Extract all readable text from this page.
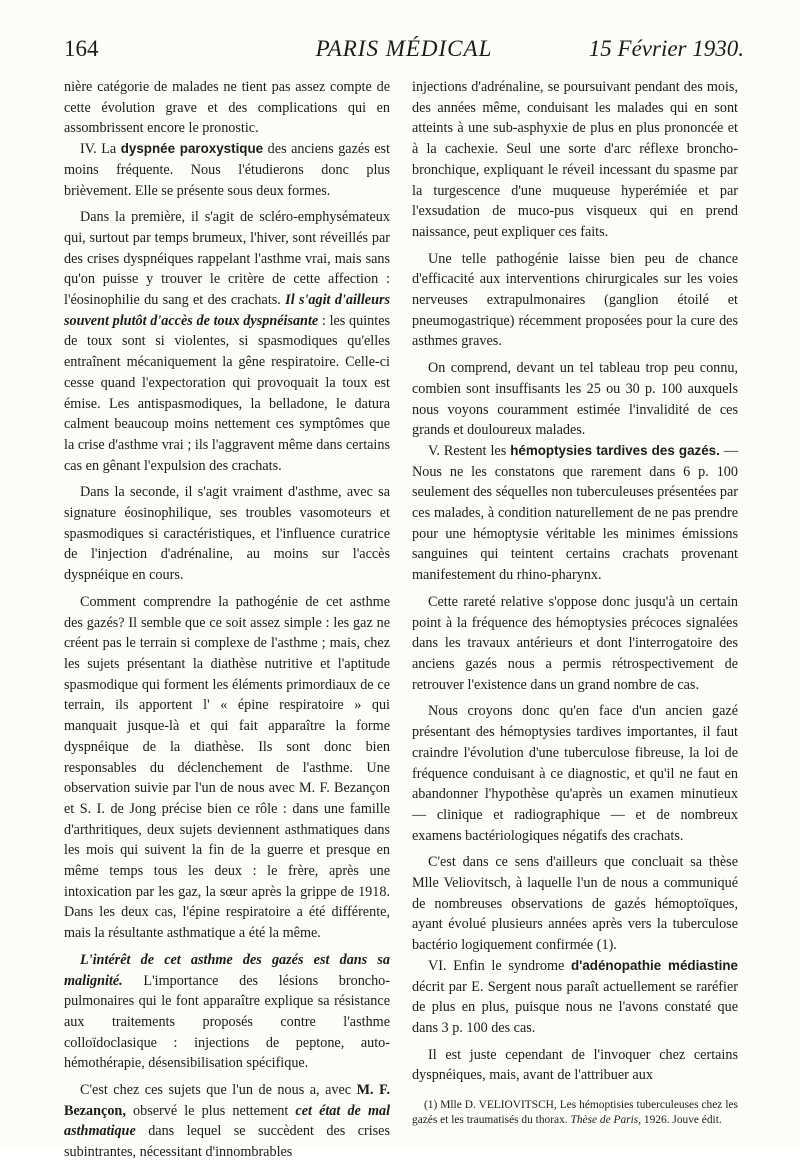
164	PARIS MÉDICAL	15 Février 1930.

nière catégorie de malades ne tient pas assez compte de cette évolution grave et des complications qui en assombrissent encore le pronostic.

IV. La dyspnée paroxystique des anciens gazés est moins fréquente. Nous l'étudierons donc plus brièvement. Elle se présente sous deux formes.

Dans la première, il s'agit de scléro-emphysémateux qui, surtout par temps brumeux, l'hiver, sont réveillés par des crises dyspnéiques rappelant l'asthme vrai, mais sans qu'on puisse y trouver le critère de cette affection : l'éosinophilie du sang et des crachats. Il s'agit d'ailleurs souvent plutôt d'accès de toux dyspnéisante : les quintes de toux sont si violentes, si spasmodiques qu'elles entraînent mécaniquement la gêne respiratoire. Celle-ci cesse quand l'expectoration qui provoquait la toux est émise. Les antispasmodiques, la belladone, le datura calment beaucoup moins nettement ces symptômes que la crise d'asthme vrai ; ils l'aggravent même dans certains cas en gênant l'expulsion des crachats.

Dans la seconde, il s'agit vraiment d'asthme, avec sa signature éosinophilique, ses troubles vasomoteurs et spasmodiques si caractéristiques, et l'influence curatrice de l'injection d'adrénaline, au moins sur l'accès dyspnéique en cours.

Comment comprendre la pathogénie de cet asthme des gazés? Il semble que ce soit assez simple : les gaz ne créent pas le terrain si complexe de l'asthme ; mais, chez les sujets présentant la diathèse nutritive et l'aptitude spasmodique qui forment les éléments primordiaux de ce terrain, ils apportent l' « épine respiratoire » qui manquait jusque-là et qui fait apparaître la forme dyspnéique de la diathèse. Ils sont donc bien responsables du déclenchement de l'asthme. Une observation suivie par l'un de nous avec M. F. Bezançon et S. I. de Jong précise bien ce rôle : dans une famille d'arthritiques, deux sujets deviennent asthmatiques dans les mois qui suivent la fin de la guerre et presque en même temps tous les deux : le frère, après une intoxication par les gaz, la sœur après la grippe de 1918. Dans les deux cas, l'épine respiratoire a été différente, mais la résultante asthmatique a été la même.

L'intérêt de cet asthme des gazés est dans sa malignité. L'importance des lésions broncho-pulmonaires qui le font apparaître explique sa résistance aux traitements proposés contre l'asthme colloïdoclasique : injections de peptone, auto-hémothérapie, désensibilisation spécifique.

C'est chez ces sujets que l'un de nous a, avec M. F. Bezançon, observé le plus nettement cet état de mal asthmatique dans lequel se succèdent des crises subintrantes, nécessitant d'innombrables

injections d'adrénaline, se poursuivant pendant des mois, des années même, conduisant les malades qui en sont atteints à une sub-asphyxie de plus en plus prononcée et à la cachexie. Seul une sorte d'arc réflexe broncho-bronchique, expliquant le réveil incessant du spasme par la turgescence d'une muqueuse hyperémiée et par l'exsudation de muco-pus visqueux qui en prend naissance, peut expliquer ces faits.

Une telle pathogénie laisse bien peu de chance d'efficacité aux interventions chirurgicales sur les voies nerveuses extrapulmonaires (ganglion étoilé et pneumogastrique) récemment proposées pour la cure des asthmes graves.

On comprend, devant un tel tableau trop peu connu, combien sont insuffisants les 25 ou 30 p. 100 auxquels nous voyons couramment estimée l'invalidité de ces grands et douloureux malades.

V. Restent les hémoptysies tardives des gazés. — Nous ne les constatons que rarement dans 6 p. 100 seulement des séquelles non tuberculeuses présentées par ces malades, à condition naturellement de ne pas prendre pour une hémoptysie véritable les minimes émissions sanguines qui teintent certains crachats provenant manifestement du rhino-pharynx.

Cette rareté relative s'oppose donc jusqu'à un certain point à la fréquence des hémoptysies précoces signalées dans les travaux antérieurs et dont l'interrogatoire des anciens gazés nous a permis rétrospectivement de retrouver l'existence dans un grand nombre de cas.

Nous croyons donc qu'en face d'un ancien gazé présentant des hémoptysies tardives importantes, il faut craindre l'évolution d'une tuberculose fibreuse, la loi de fréquence conduisant à ce diagnostic, et qu'il ne faut en abandonner l'hypothèse qu'après un examen minutieux — clinique et radiographique — et de nombreux examens bactériologiques négatifs des crachats.

C'est dans ce sens d'ailleurs que concluait sa thèse Mlle Veliovitsch, à laquelle l'un de nous a communiqué de nombreuses observations de gazés hémoptoïques, ayant évolué plusieurs années après vers la tuberculose bactério logiquement confirmée (1).

VI. Enfin le syndrome d'adénopathie médiastine décrit par E. Sergent nous paraît actuellement se raréfier de plus en plus, puisque nous ne l'avons constaté que dans 3 p. 100 des cas.

Il est juste cependant de l'invoquer chez certains dyspnéiques, mais, avant de l'attribuer aux

(1) Mlle D. VELIOVITSCH, Les hémoptisies tuberculeuses chez les gazés et les traumatisés du thorax. Thèse de Paris, 1926. Jouve édit.
